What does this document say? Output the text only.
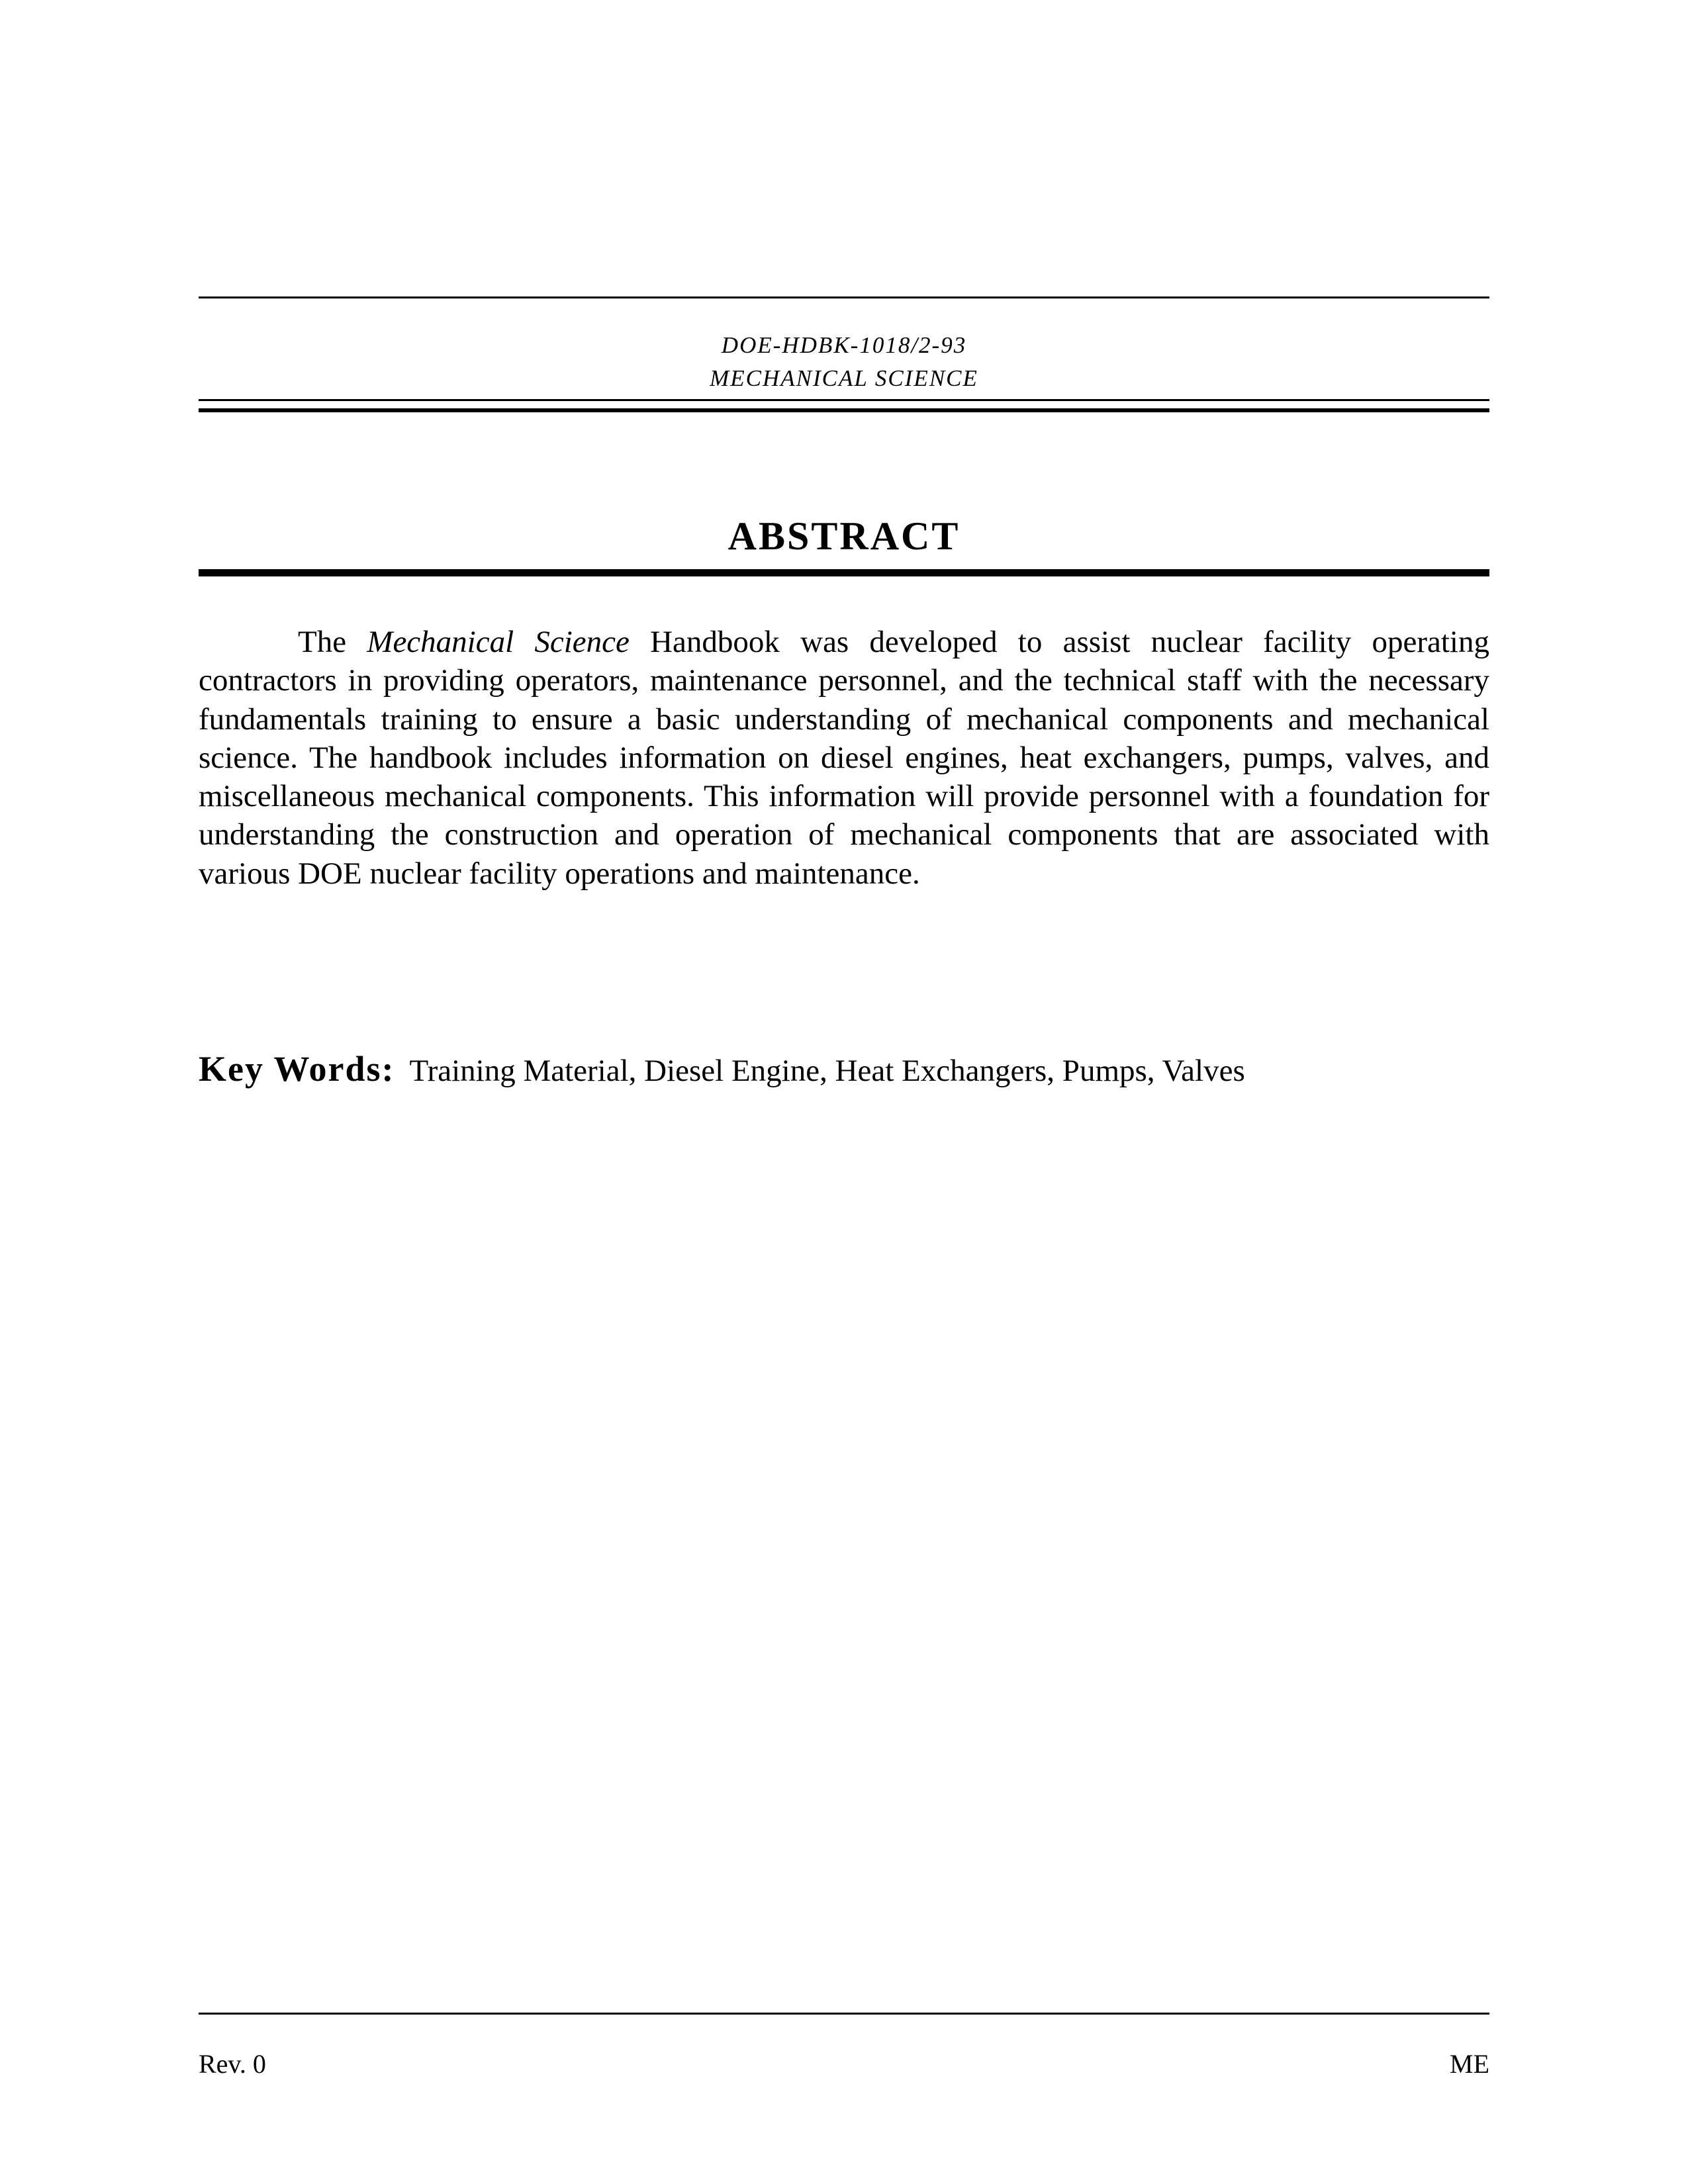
DOE-HDBK-1018/2-93
MECHANICAL SCIENCE
ABSTRACT

The Mechanical Science Handbook was developed to assist nuclear facility operating contractors in providing operators, maintenance personnel, and the technical staff with the necessary fundamentals training to ensure a basic understanding of mechanical components and mechanical science. The handbook includes information on diesel engines, heat exchangers, pumps, valves, and miscellaneous mechanical components. This information will provide personnel with a foundation for understanding the construction and operation of mechanical components that are associated with various DOE nuclear facility operations and maintenance.

Key Words: Training Material, Diesel Engine, Heat Exchangers, Pumps, Valves
Rev. 0	ME
